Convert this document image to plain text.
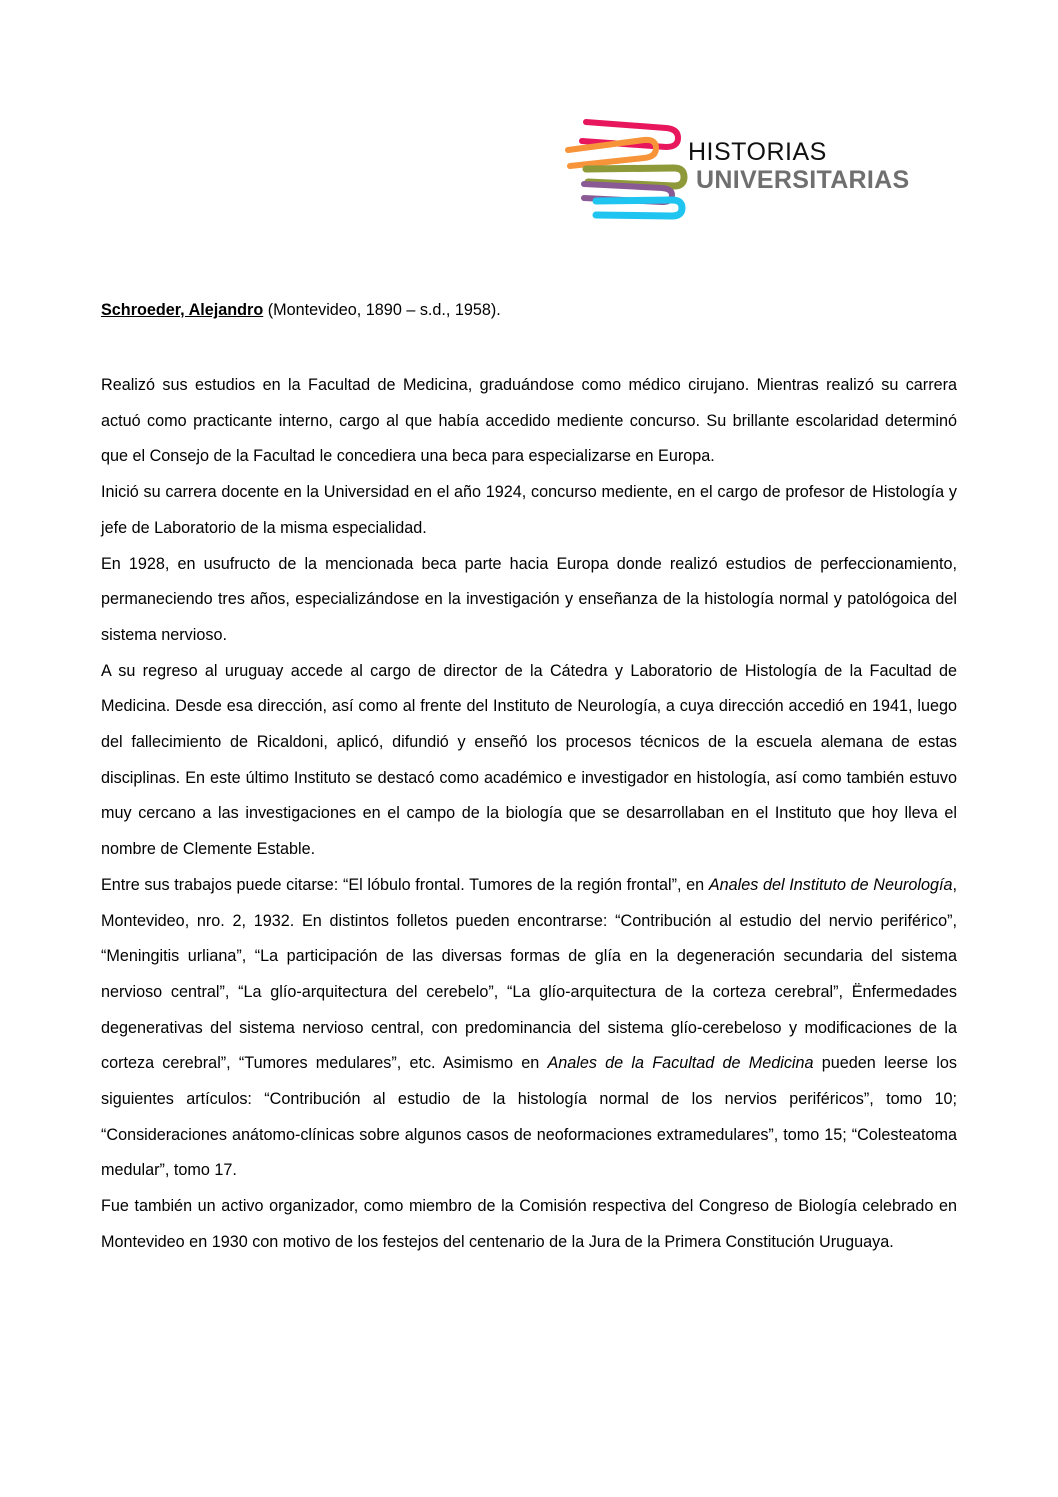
HISTORIAS
UNIVERSITARIAS
Schroeder, Alejandro (Montevideo, 1890 – s.d., 1958).

Realizó sus estudios en la Facultad de Medicina, graduándose como médico cirujano. Mientras realizó su carrera actuó como practicante interno, cargo al que había accedido mediente concurso. Su brillante escolaridad determinó que el Consejo de la Facultad le concediera una beca para especializarse en Europa.

Inició su carrera docente en la Universidad en el año 1924, concurso mediente, en el cargo de profesor de Histología y jefe de Laboratorio de la misma especialidad.

En 1928, en usufructo de la mencionada beca parte hacia Europa donde realizó estudios de perfeccionamiento, permaneciendo tres años, especializándose en la investigación y enseñanza de la histología normal y patológoica del sistema nervioso.

A su regreso al uruguay accede al cargo de director de la Cátedra y Laboratorio de Histología de la Facultad de Medicina. Desde esa dirección, así como al frente del Instituto de Neurología, a cuya dirección accedió en 1941, luego del fallecimiento de Ricaldoni, aplicó, difundió y enseñó los procesos técnicos de la escuela alemana de estas disciplinas. En este último Instituto se destacó como académico e investigador en histología, así como también estuvo muy cercano a las investigaciones en el campo de la biología que se desarrollaban en el Instituto que hoy lleva el nombre de Clemente Estable.

Entre sus trabajos puede citarse: “El lóbulo frontal. Tumores de la región frontal”, en Anales del Instituto de Neurología, Montevideo, nro. 2, 1932. En distintos folletos pueden encontrarse: “Contribución al estudio del nervio periférico”, “Meningitis urliana”, “La participación de las diversas formas de glía en la degeneración secundaria del sistema nervioso central”, “La glío-arquitectura del cerebelo”, “La glío-arquitectura de la corteza cerebral”, Ënfermedades degenerativas del sistema nervioso central, con predominancia del sistema glío-cerebeloso y modificaciones de la corteza cerebral”, “Tumores medulares”, etc. Asimismo en Anales de la Facultad de Medicina pueden leerse los siguientes artículos: “Contribución al estudio de la histología normal de los nervios periféricos”, tomo 10; “Consideraciones anátomo-clínicas sobre algunos casos de neoformaciones extramedulares”, tomo 15; “Colesteatoma medular”, tomo 17.

Fue también un activo organizador, como miembro de la Comisión respectiva del Congreso de Biología celebrado en Montevideo en 1930 con motivo de los festejos del centenario de la Jura de la Primera Constitución Uruguaya.
